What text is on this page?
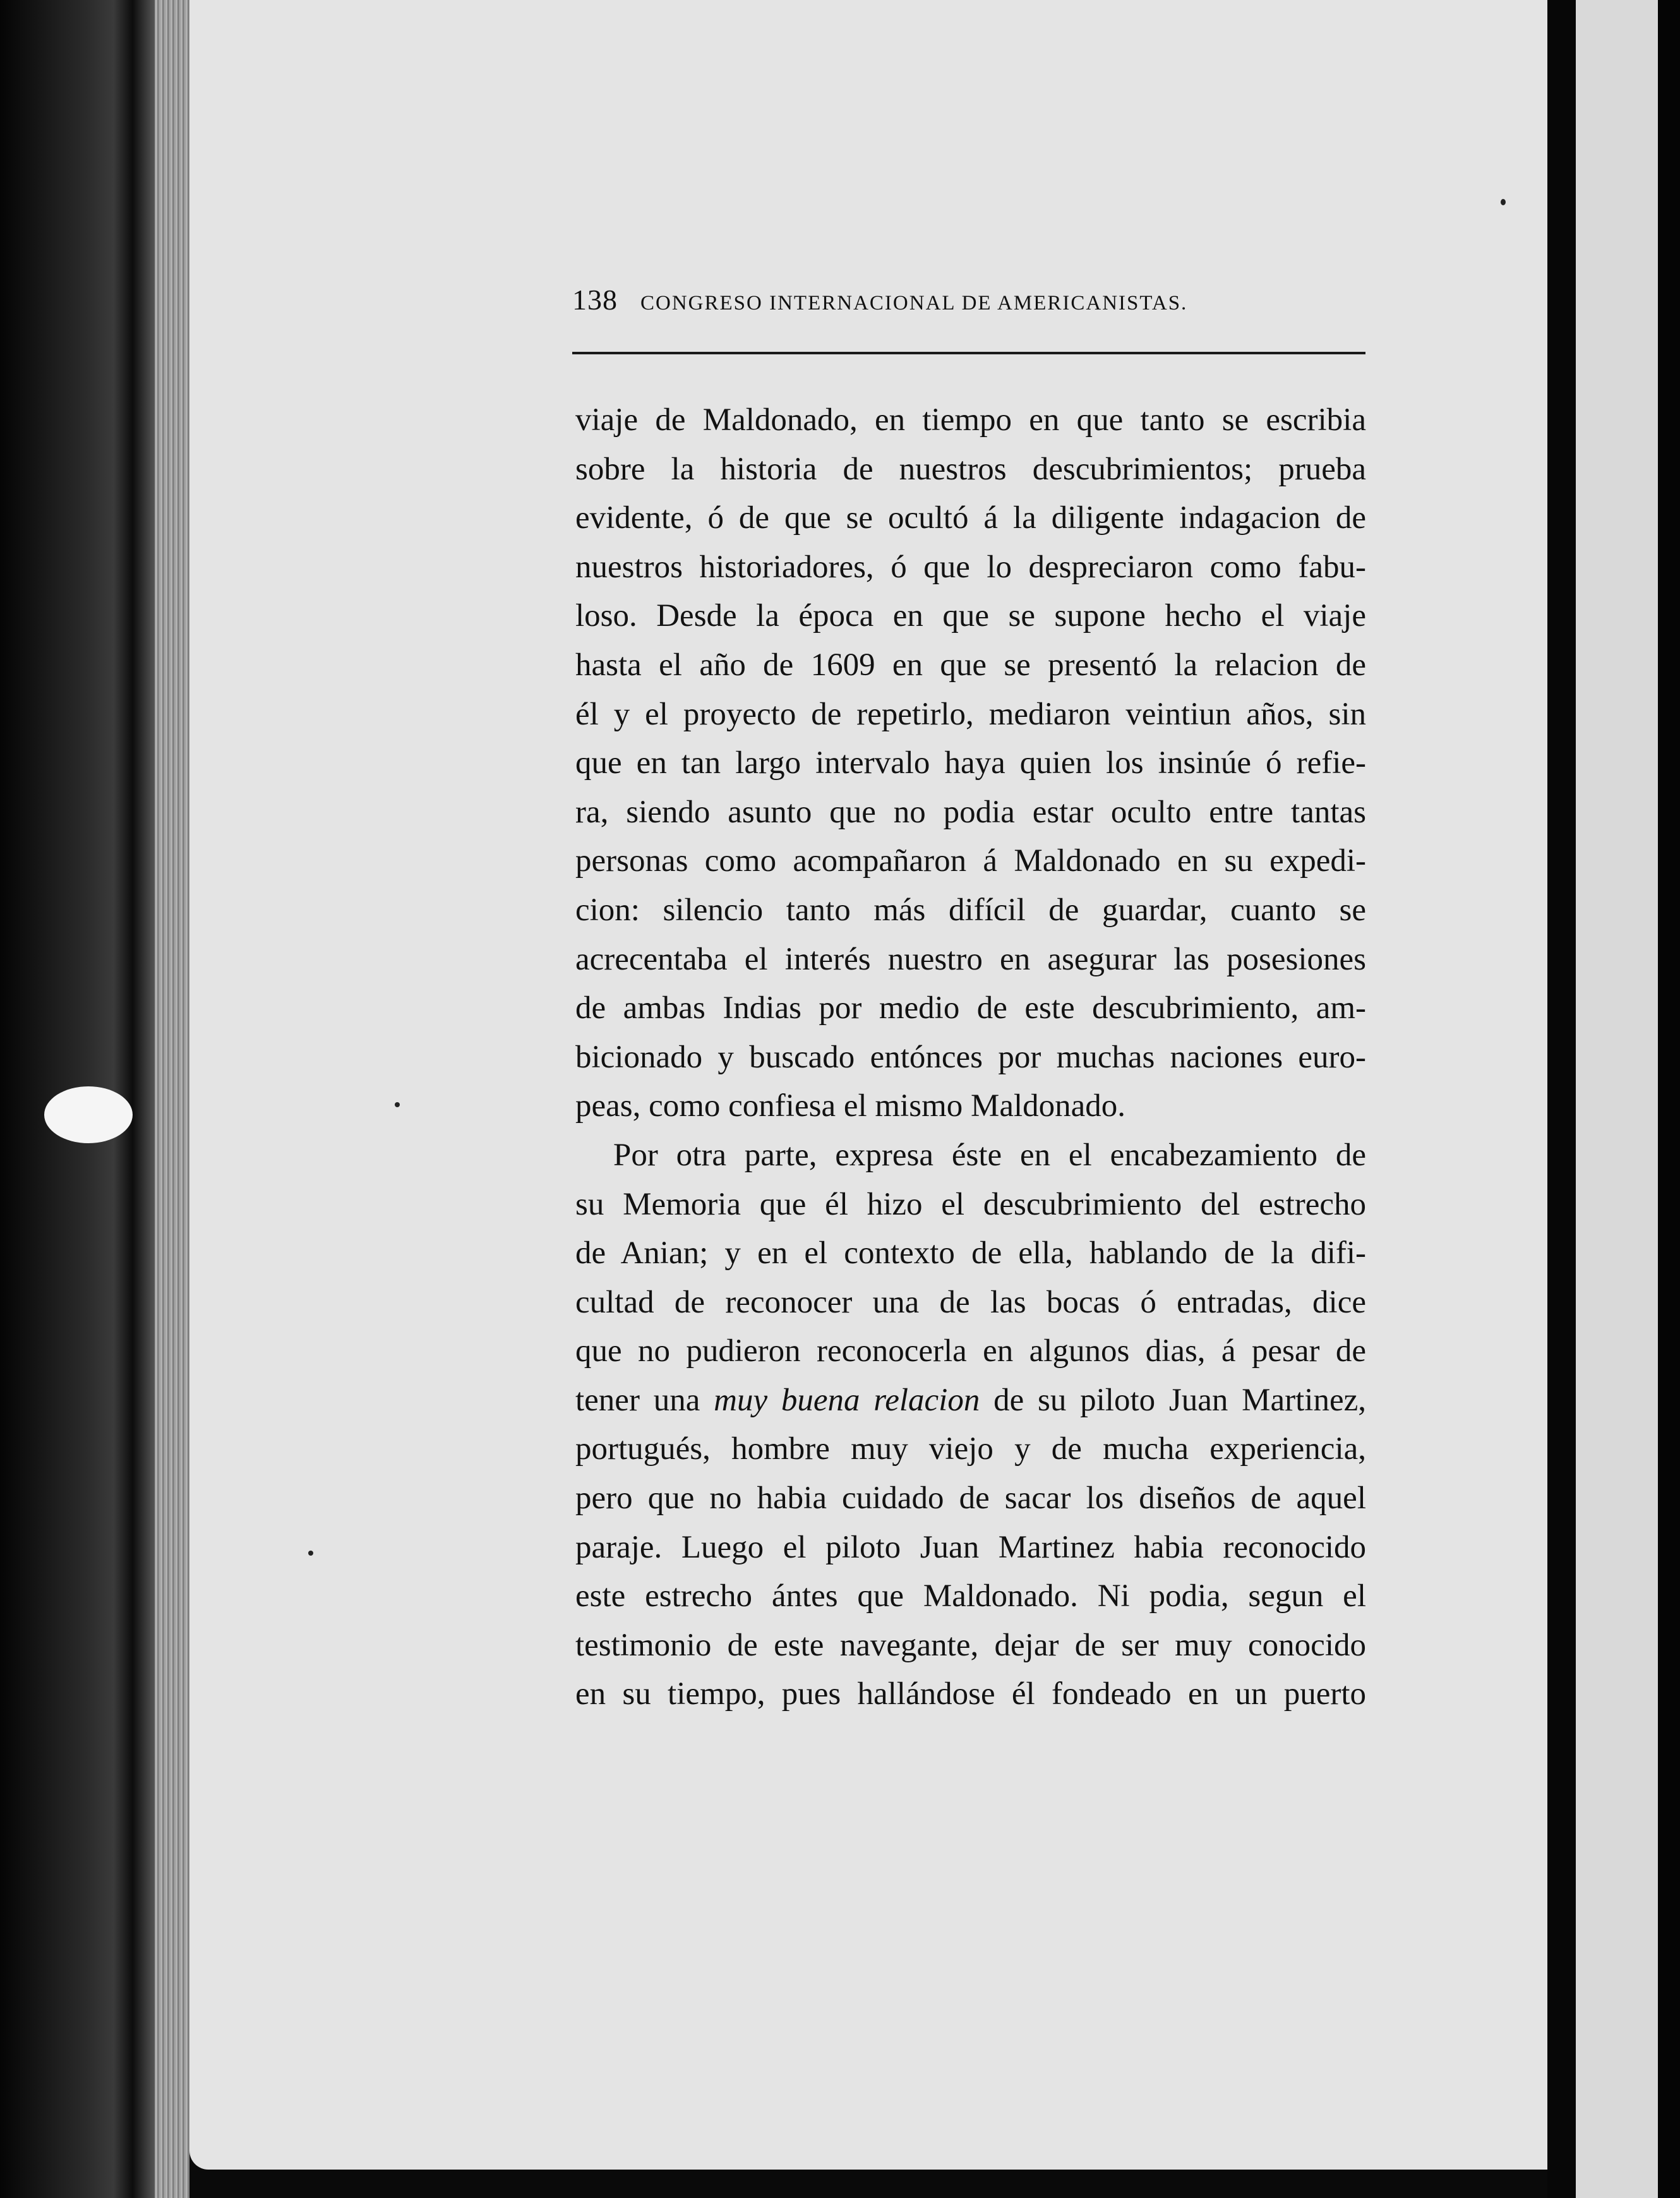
138 CONGRESO INTERNACIONAL DE AMERICANISTAS.
viaje de Maldonado, en tiempo en que tanto se escribia
sobre la historia de nuestros descubrimientos; prueba
evidente, ó de que se ocultó á la diligente indagacion de
nuestros historiadores, ó que lo despreciaron como fabu-
loso. Desde la época en que se supone hecho el viaje
hasta el año de 1609 en que se presentó la relacion de
él y el proyecto de repetirlo, mediaron veintiun años, sin
que en tan largo intervalo haya quien los insinúe ó refie-
ra, siendo asunto que no podia estar oculto entre tantas
personas como acompañaron á Maldonado en su expedi-
cion: silencio tanto más difícil de guardar, cuanto se
acrecentaba el interés nuestro en asegurar las posesiones
de ambas Indias por medio de este descubrimiento, am-
bicionado y buscado entónces por muchas naciones euro-
peas, como confiesa el mismo Maldonado.
Por otra parte, expresa éste en el encabezamiento de
su Memoria que él hizo el descubrimiento del estrecho
de Anian; y en el contexto de ella, hablando de la difi-
cultad de reconocer una de las bocas ó entradas, dice
que no pudieron reconocerla en algunos dias, á pesar de
tener una muy buena relacion de su piloto Juan Martinez,
portugués, hombre muy viejo y de mucha experiencia,
pero que no habia cuidado de sacar los diseños de aquel
paraje. Luego el piloto Juan Martinez habia reconocido
este estrecho ántes que Maldonado. Ni podia, segun el
testimonio de este navegante, dejar de ser muy conocido
en su tiempo, pues hallándose él fondeado en un puerto
